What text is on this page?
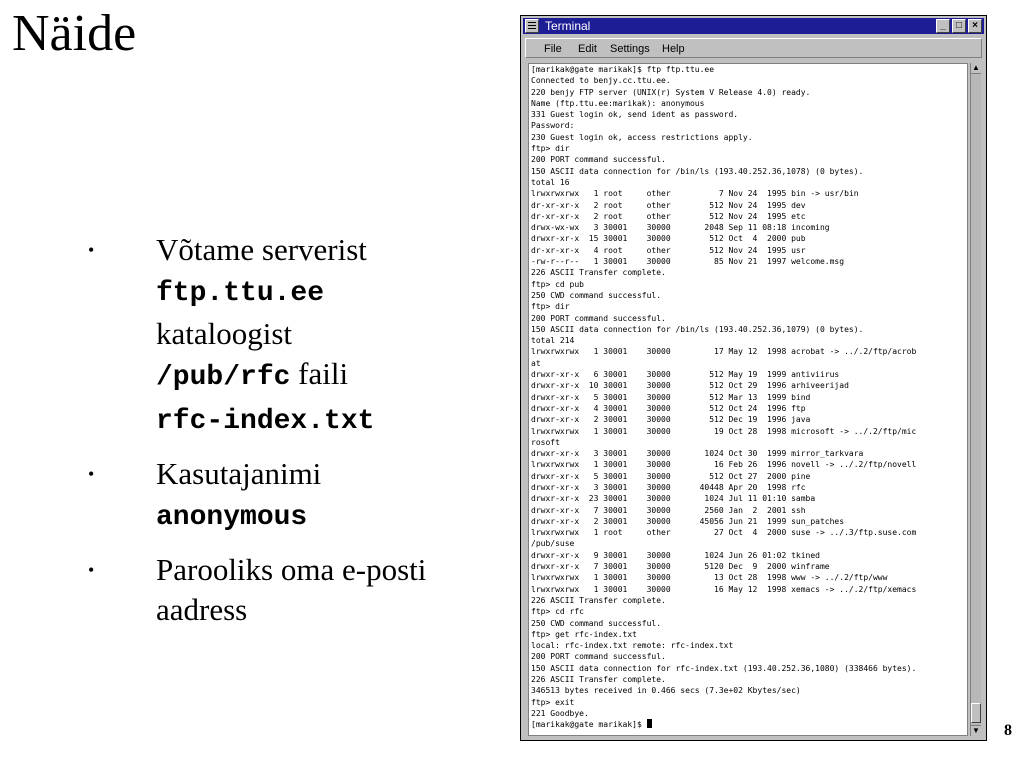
Näide
• Võtame serverist
ftp.ttu.ee
kataloogist
/pub/rfc faili
rfc-index.txt
• Kasutajanimi
anonymous
• Parooliks oma e-posti aadress
8
Terminal	_	□	×
File Edit Settings Help
[marikak@gate marikak]$ ftp ftp.ttu.ee
Connected to benjy.cc.ttu.ee.
220 benjy FTP server (UNIX(r) System V Release 4.0) ready.
Name (ftp.ttu.ee:marikak): anonymous
331 Guest login ok, send ident as password.
Password:
230 Guest login ok, access restrictions apply.
ftp> dir
200 PORT command successful.
150 ASCII data connection for /bin/ls (193.40.252.36,1078) (0 bytes).
total 16
lrwxrwxrwx   1 root     other          7 Nov 24  1995 bin -> usr/bin
dr-xr-xr-x   2 root     other        512 Nov 24  1995 dev
dr-xr-xr-x   2 root     other        512 Nov 24  1995 etc
drwx-wx-wx   3 30001    30000       2048 Sep 11 08:18 incoming
drwxr-xr-x  15 30001    30000        512 Oct  4  2000 pub
dr-xr-xr-x   4 root     other        512 Nov 24  1995 usr
-rw-r--r--   1 30001    30000         85 Nov 21  1997 welcome.msg
226 ASCII Transfer complete.
ftp> cd pub
250 CWD command successful.
ftp> dir
200 PORT command successful.
150 ASCII data connection for /bin/ls (193.40.252.36,1079) (0 bytes).
total 214
lrwxrwxrwx   1 30001    30000         17 May 12  1998 acrobat -> ../.2/ftp/acrob
at
drwxr-xr-x   6 30001    30000        512 May 19  1999 antiviirus
drwxr-xr-x  10 30001    30000        512 Oct 29  1996 arhiveerijad
drwxr-xr-x   5 30001    30000        512 Mar 13  1999 bind
drwxr-xr-x   4 30001    30000        512 Oct 24  1996 ftp
drwxr-xr-x   2 30001    30000        512 Dec 19  1996 java
lrwxrwxrwx   1 30001    30000         19 Oct 28  1998 microsoft -> ../.2/ftp/mic
rosoft
drwxr-xr-x   3 30001    30000       1024 Oct 30  1999 mirror_tarkvara
lrwxrwxrwx   1 30001    30000         16 Feb 26  1996 novell -> ../.2/ftp/novell
drwxr-xr-x   5 30001    30000        512 Oct 27  2000 pine
drwxr-xr-x   3 30001    30000      40448 Apr 20  1998 rfc
drwxr-xr-x  23 30001    30000       1024 Jul 11 01:10 samba
drwxr-xr-x   7 30001    30000       2560 Jan  2  2001 ssh
drwxr-xr-x   2 30001    30000      45056 Jun 21  1999 sun_patches
lrwxrwxrwx   1 root     other         27 Oct  4  2000 suse -> ../.3/ftp.suse.com
/pub/suse
drwxr-xr-x   9 30001    30000       1024 Jun 26 01:02 tkined
drwxr-xr-x   7 30001    30000       5120 Dec  9  2000 winframe
lrwxrwxrwx   1 30001    30000         13 Oct 28  1998 www -> ../.2/ftp/www
lrwxrwxrwx   1 30001    30000         16 May 12  1998 xemacs -> ../.2/ftp/xemacs
226 ASCII Transfer complete.
ftp> cd rfc
250 CWD command successful.
ftp> get rfc-index.txt
local: rfc-index.txt remote: rfc-index.txt
200 PORT command successful.
150 ASCII data connection for rfc-index.txt (193.40.252.36,1080) (338466 bytes).
226 ASCII Transfer complete.
346513 bytes received in 0.466 secs (7.3e+02 Kbytes/sec)
ftp> exit
221 Goodbye.
[marikak@gate marikak]$
▲
▼
